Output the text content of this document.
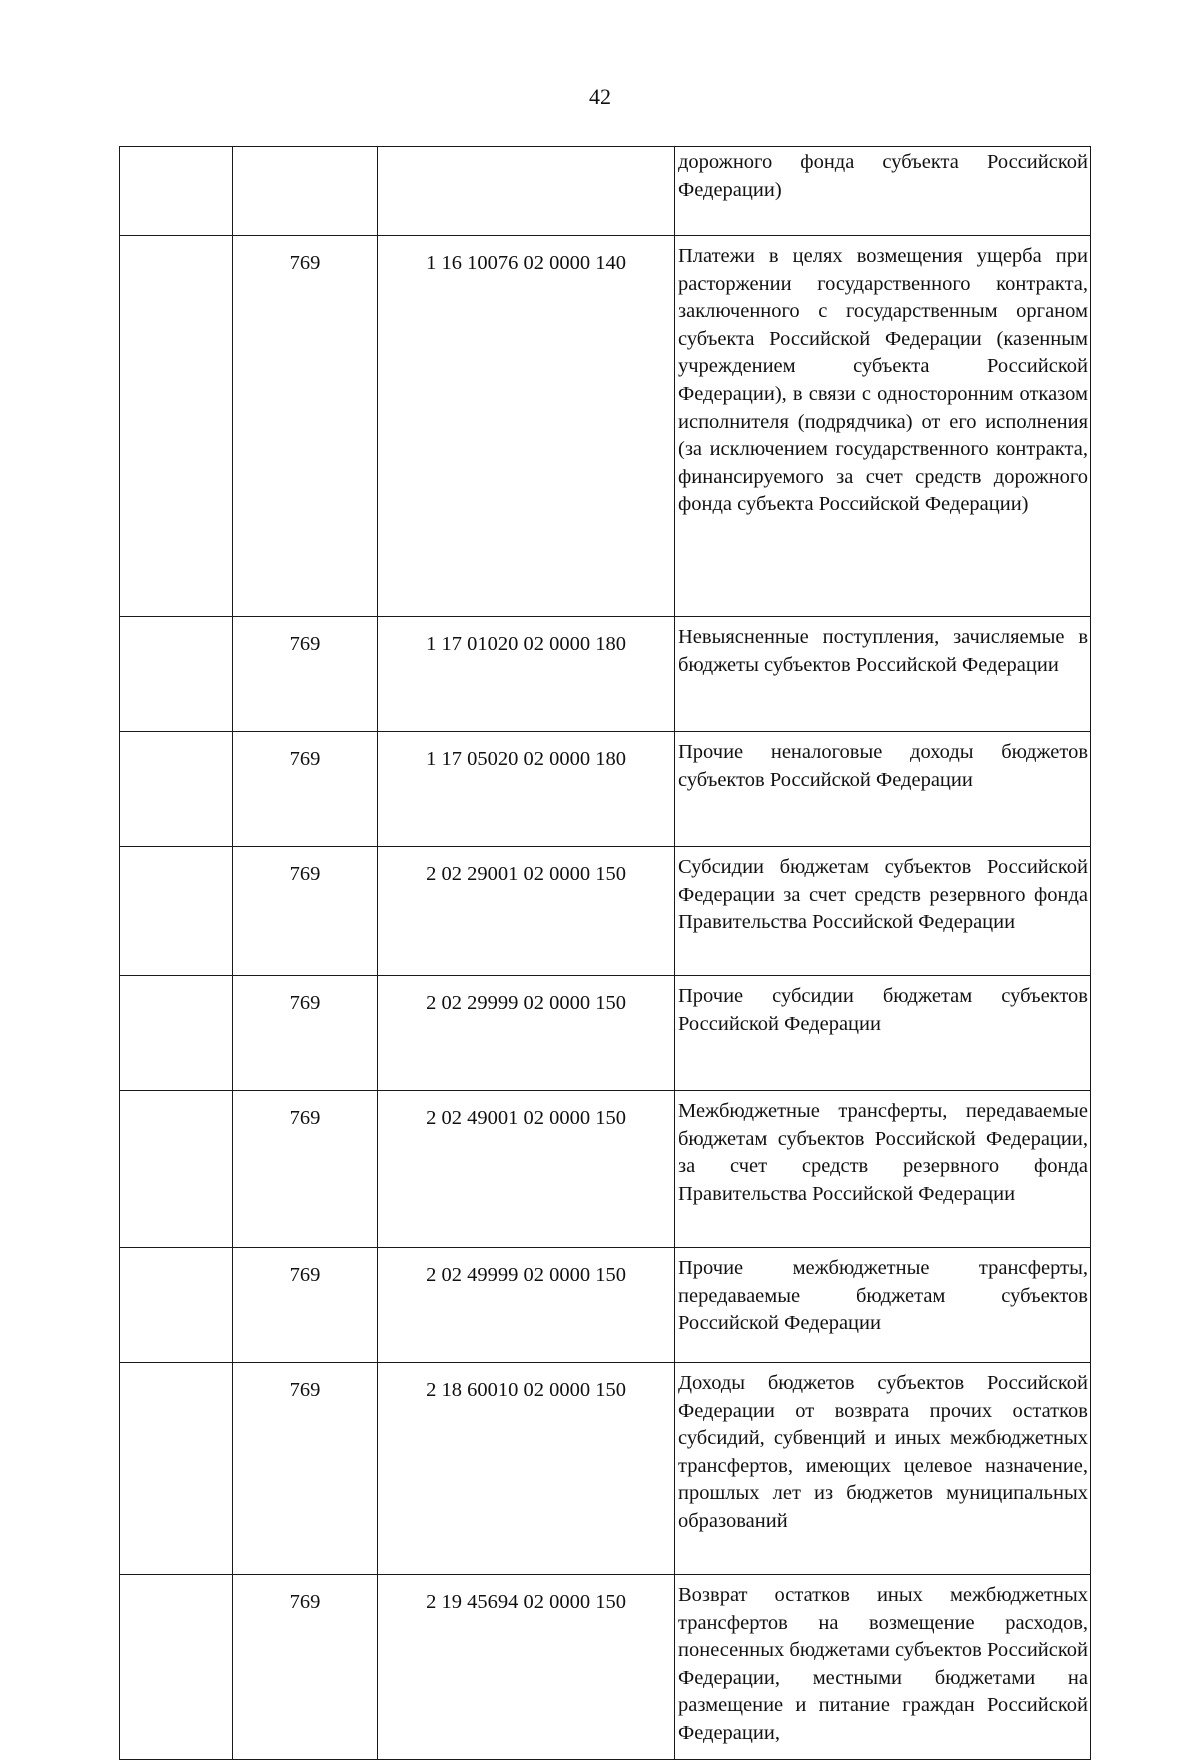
42

			дорожного фонда субъекта Российской Федерации)

	769	1 16 10076 02 0000 140	Платежи в целях возмещения ущерба при расторжении государственного контракта, заключенного с государственным органом субъекта Российской Федерации (казенным учреждением субъекта Российской Федерации), в связи с односторонним отказом исполнителя (подрядчика) от его исполнения (за исключением государственного контракта, финансируемого за счет средств дорожного фонда субъекта Российской Федерации)

	769	1 17 01020 02 0000 180	Невыясненные поступления, зачисляемые в бюджеты субъектов Российской Федерации

	769	1 17 05020 02 0000 180	Прочие неналоговые доходы бюджетов субъектов Российской Федерации

	769	2 02 29001 02 0000 150	Субсидии бюджетам субъектов Российской Федерации за счет средств резервного фонда Правительства Российской Федерации

	769	2 02 29999 02 0000 150	Прочие субсидии бюджетам субъектов Российской Федерации

	769	2 02 49001 02 0000 150	Межбюджетные трансферты, передаваемые бюджетам субъектов Российской Федерации, за счет средств резервного фонда Правительства Российской Федерации

	769	2 02 49999 02 0000 150	Прочие межбюджетные трансферты, передаваемые бюджетам субъектов Российской Федерации

	769	2 18 60010 02 0000 150	Доходы бюджетов субъектов Российской Федерации от возврата прочих остатков субсидий, субвенций и иных межбюджетных трансфертов, имеющих целевое назначение, прошлых лет из бюджетов муниципальных образований

	769	2 19 45694 02 0000 150	Возврат остатков иных межбюджетных трансфертов на возмещение расходов, понесенных бюджетами субъектов Российской Федерации, местными бюджетами на размещение и питание граждан Российской Федерации,
